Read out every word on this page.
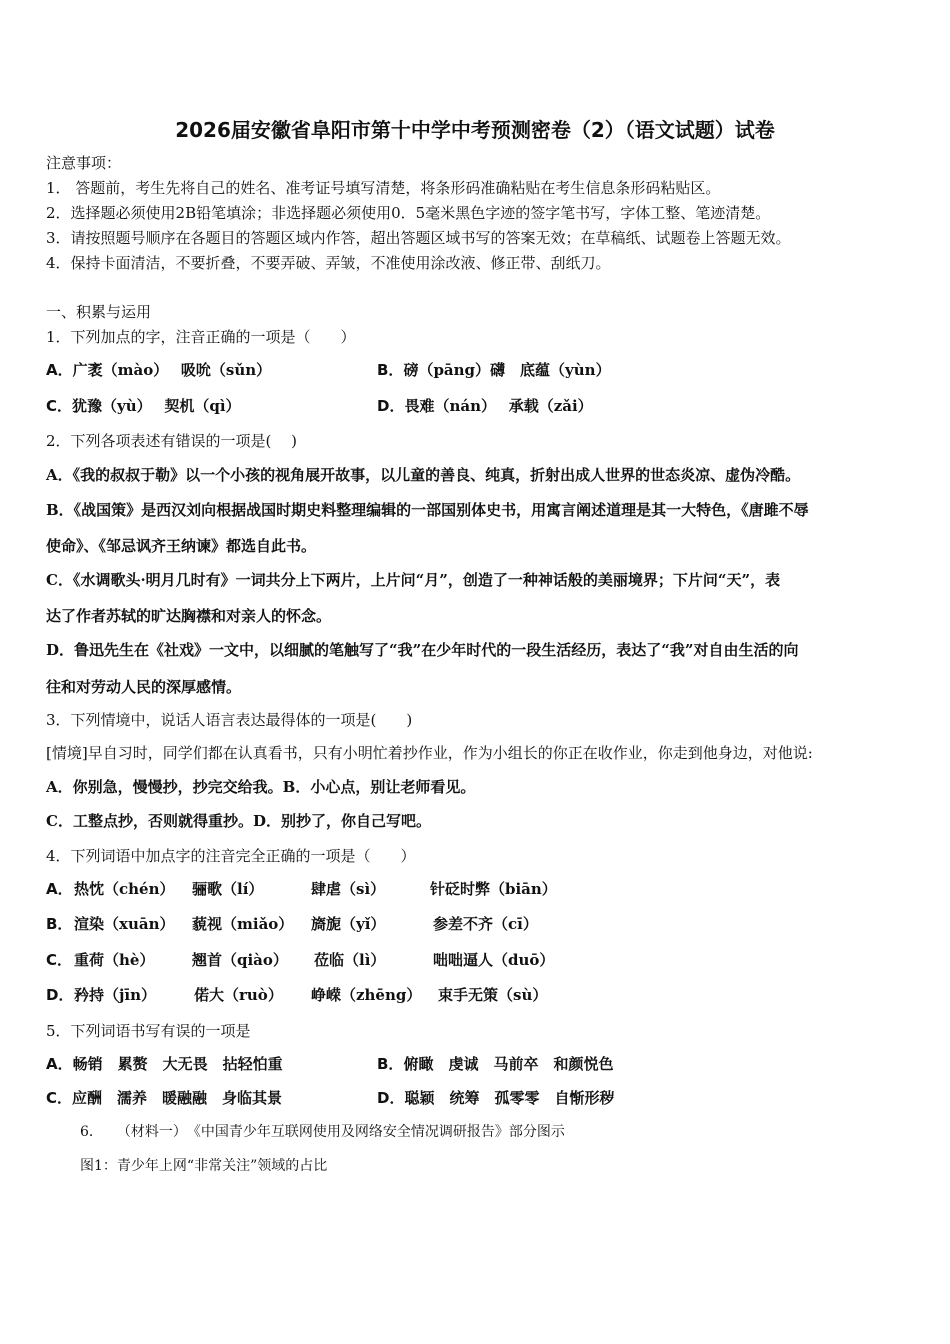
2026届安徽省阜阳市第十中学中考预测密卷（2）（语文试题）试卷
注意事项：
1． 答题前，考生先将自己的姓名、准考证号填写清楚，将条形码准确粘贴在考生信息条形码粘贴区。
2．选择题必须使用2B铅笔填涂；非选择题必须使用0．5毫米黑色字迹的签字笔书写，字体工整、笔迹清楚。
3．请按照题号顺序在各题目的答题区域内作答，超出答题区域书写的答案无效；在草稿纸、试题卷上答题无效。
4．保持卡面清洁，不要折叠，不要弄破、弄皱，不准使用涂改液、修正带、刮纸刀。
一、积累与运用
1．下列加点的字，注音正确的一项是（　　）
A．广袤（mào）　 吸吮（sǔn）	B．磅（pāng）礴　底蕴（yùn）
C．犹豫（yù）　 契机（qì）	D．畏难（nán）　 承载（zǎi）
2．下列各项表述有错误的一项是(　 )
A．《我的叔叔于勒》以一个小孩的视角展开故事，以儿童的善良、纯真，折射出成人世界的世态炎凉、虚伪冷酷。
B．《战国策》是西汉刘向根据战国时期史料整理编辑的一部国别体史书，用寓言阐述道理是其一大特色，《唐雎不辱
使命》、《邹忌讽齐王纳谏》都选自此书。
C．《水调歌头·明月几时有》一词共分上下两片，上片问“月”，创造了一种神话般的美丽境界；下片问“天”，表
达了作者苏轼的旷达胸襟和对亲人的怀念。
D．鲁迅先生在《社戏》一文中，以细腻的笔触写了“我”在少年时代的一段生活经历，表达了“我”对自由生活的向
往和对劳动人民的深厚感情。
3．下列情境中，说话人语言表达最得体的一项是(　　)
[情境]早自习时，同学们都在认真看书，只有小明忙着抄作业，作为小组长的你正在收作业，你走到他身边，对他说:
A．你别急，慢慢抄，抄完交给我。B．小心点，别让老师看见。
C．工整点抄，否则就得重抄。D．别抄了，你自己写吧。
4．下列词语中加点字的注音完全正确的一项是（　　）
A． 热忱（chén） 骊歌（lí）	肆虐（sì）	针砭时弊（biān）
B． 渲染（xuān） 藐视（miǎo） 旖旎（yǐ）	参差不齐（cī）
C． 重荷（hè）	翘首（qiào） 莅临（lì）	咄咄逼人（duō）
D． 矜持（jīn）	偌大（ruò） 峥嵘（zhēng） 束手无策（sù）
5．下列词语书写有误的一项是
A．畅销　累赘　大无畏　拈轻怕重	B．俯瞰　虔诚　马前卒　和颜悦色
C．应酬　濡养　暖融融　身临其景	D．聪颖　统筹　孤零零　自惭形秽
6．　　（材料一）　《中国青少年互联网使用及网络安全情况调研报告》部分图示
图1：青少年上网“非常关注”领域的占比
